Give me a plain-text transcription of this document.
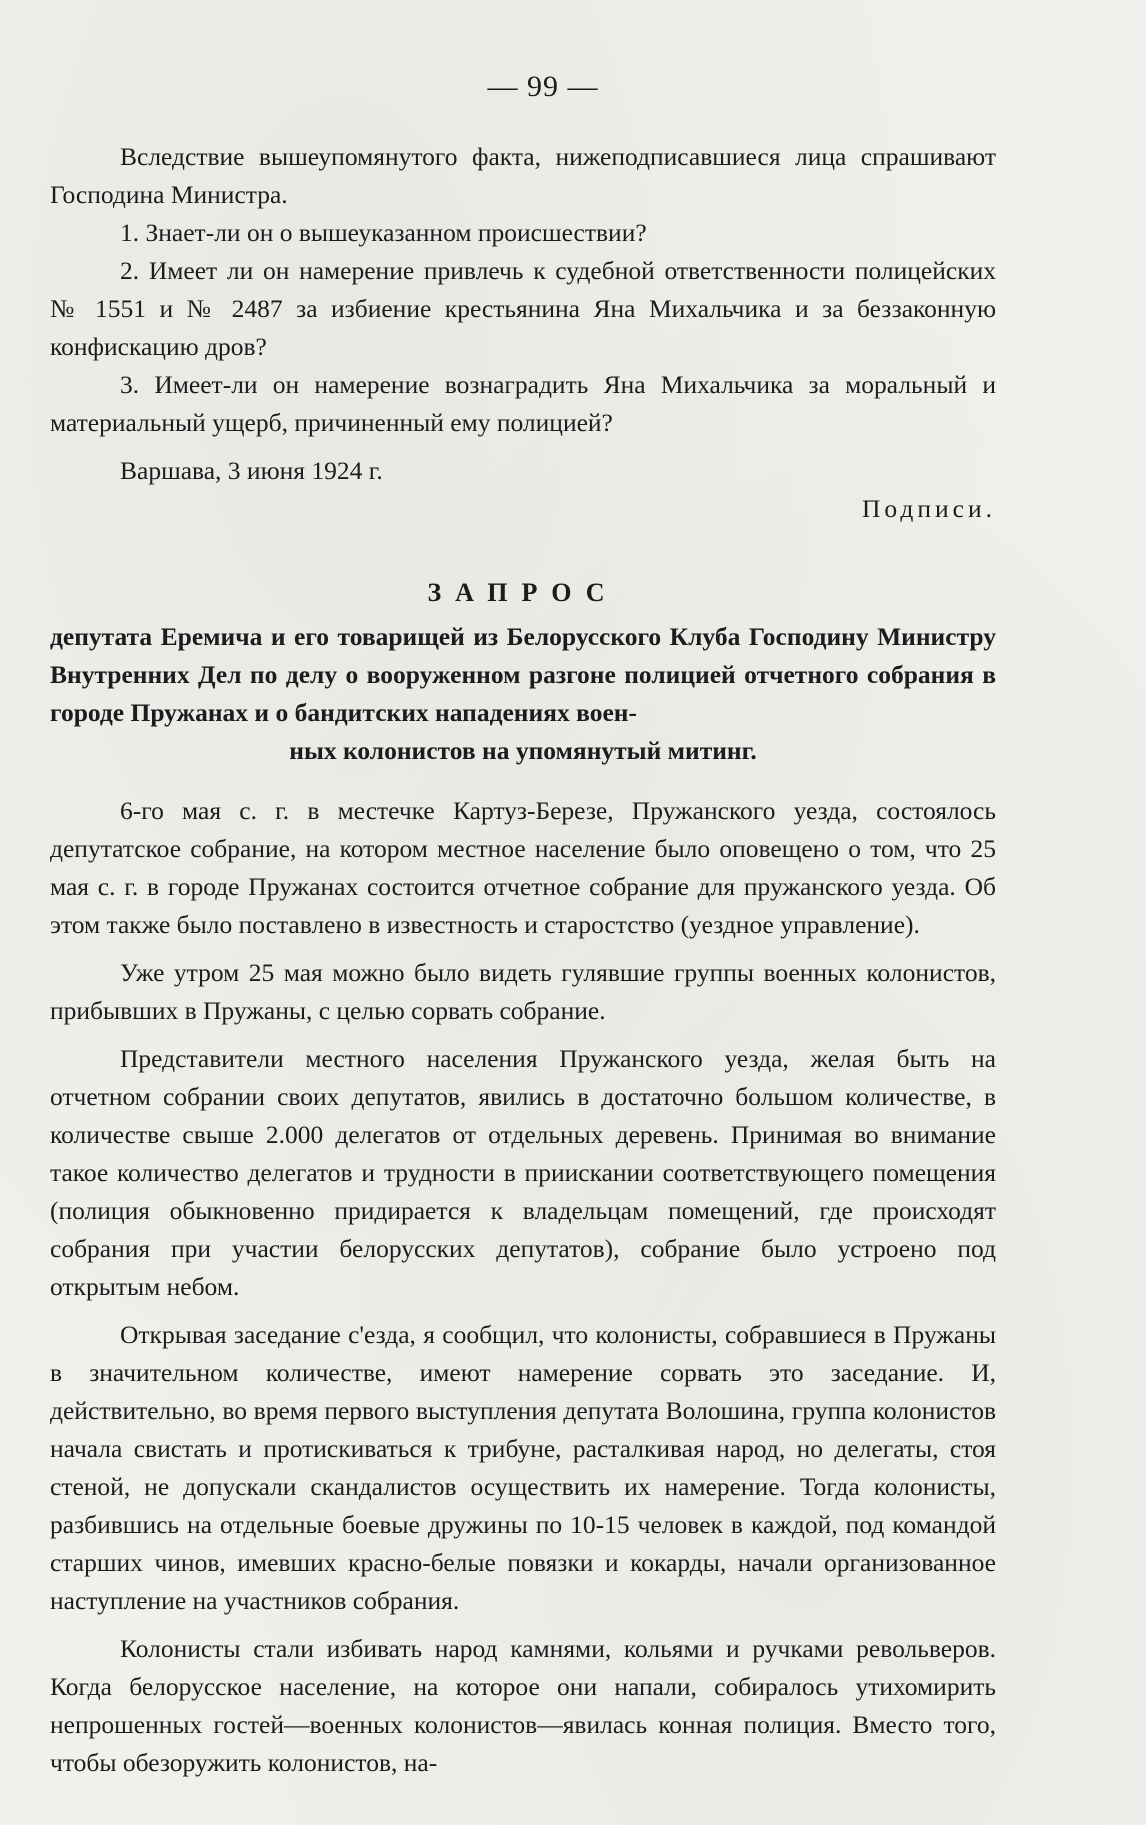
— 99 —

Вследствие вышеупомянутого факта, нижеподписавшиеся лица спрашивают Господина Министра.

1. Знает-ли он о вышеуказанном происшествии?

2. Имеет ли он намерение привлечь к судебной ответственности полицейских № 1551 и № 2487 за избиение крестьянина Яна Михальчика и за беззаконную конфискацию дров?

3. Имеет-ли он намерение вознаградить Яна Михальчика за моральный и материальный ущерб, причиненный ему полицией?

Варшава, 3 июня 1924 г.

Подписи.
ЗАПРОС
депутата Еремича и его товарищей из Белорусского Клуба Господину Министру Внутренних Дел по делу о вооруженном разгоне полицией отчетного собрания в городе Пружанах и о бандитских нападениях воен-
ных колонистов на упомянутый митинг.

6-го мая с. г. в местечке Картуз-Березе, Пружанского уезда, состоялось депутатское собрание, на котором местное население было оповещено о том, что 25 мая с. г. в городе Пружанах состоится отчетное собрание для пружанского уезда. Об этом также было поставлено в известность и старостство (уездное управление).

Уже утром 25 мая можно было видеть гулявшие группы военных колонистов, прибывших в Пружаны, с целью сорвать собрание.

Представители местного населения Пружанского уезда, желая быть на отчетном собрании своих депутатов, явились в достаточно большом количестве, в количестве свыше 2.000 делегатов от отдельных деревень. Принимая во внимание такое количество делегатов и трудности в приискании соответствующего помещения (полиция обыкновенно придирается к владельцам помещений, где происходят собрания при участии белорусских депутатов), собрание было устроено под открытым небом.

Открывая заседание с'езда, я сообщил, что колонисты, собравшиеся в Пружаны в значительном количестве, имеют намерение сорвать это заседание. И, действительно, во время первого выступления депутата Волошина, группа колонистов начала свистать и протискиваться к трибуне, расталкивая народ, но делегаты, стоя стеной, не допускали скандалистов осуществить их намерение. Тогда колонисты, разбившись на отдельные боевые дружины по 10-15 человек в каждой, под командой старших чинов, имевших красно-белые повязки и кокарды, начали организованное наступление на участников собрания.

Колонисты стали избивать народ камнями, кольями и ручками револьверов. Когда белорусское население, на которое они напали, собиралось утихомирить непрошенных гостей—военных колонистов—явилась конная полиция. Вместо того, чтобы обезоружить колонистов, на-
